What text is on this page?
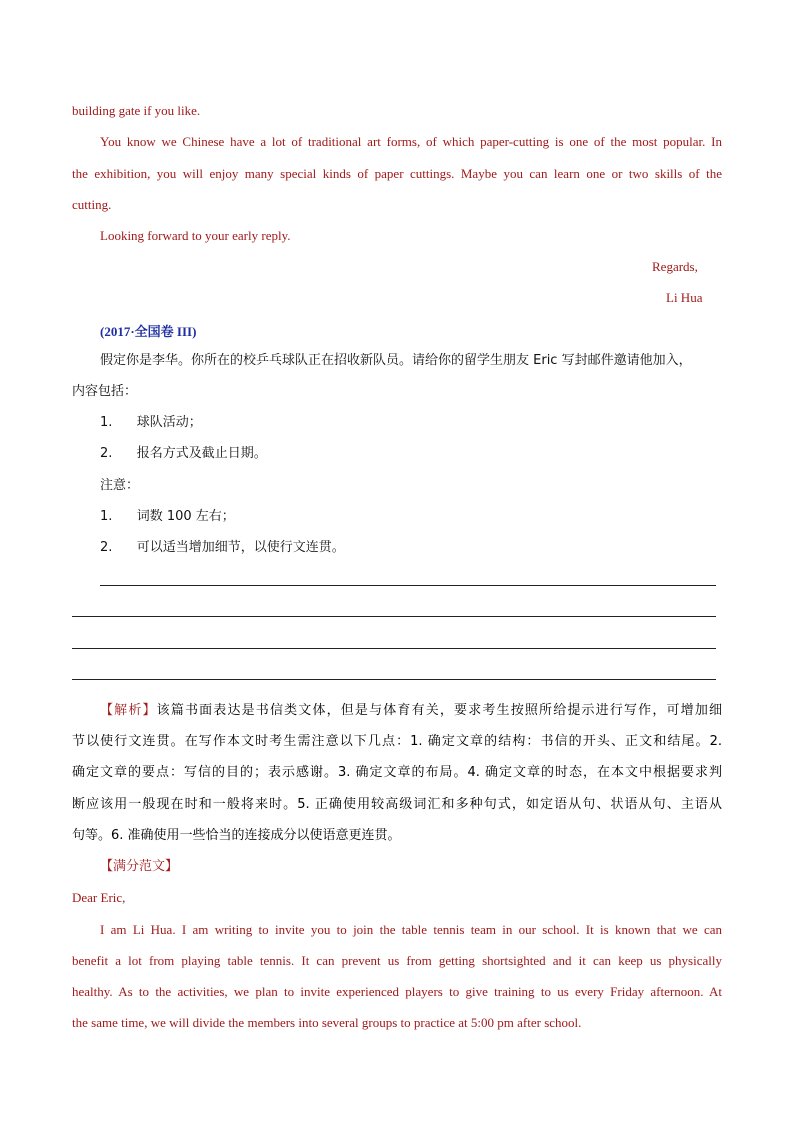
building gate if you like.
You know we Chinese have a lot of traditional art forms, of which paper-cutting is one of the most popular. In
the exhibition, you will enjoy many special kinds of paper cuttings. Maybe you can learn one or two skills of the
cutting.
Looking forward to your early reply.
Regards,
Li Hua
(2017·全国卷 III)
假定你是李华。你所在的校乒乓球队正在招收新队员。请给你的留学生朋友 Eric 写封邮件邀请他加入，
内容包括：
1. 球队活动；
2. 报名方式及截止日期。
注意：
1. 词数 100 左右；
2. 可以适当增加细节，以使行文连贯。
【解析】该篇书面表达是书信类文体，但是与体育有关，要求考生按照所给提示进行写作，可增加细
节以使行文连贯。在写作本文时考生需注意以下几点：1. 确定文章的结构：书信的开头、正文和结尾。2.
确定文章的要点：写信的目的；表示感谢。3. 确定文章的布局。4. 确定文章的时态，在本文中根据要求判
断应该用一般现在时和一般将来时。5. 正确使用较高级词汇和多种句式，如定语从句、状语从句、主语从
句等。6. 准确使用一些恰当的连接成分以使语意更连贯。
【满分范文】
Dear Eric,
I am Li Hua. I am writing to invite you to join the table tennis team in our school. It is known that we can
benefit a lot from playing table tennis. It can prevent us from getting shortsighted and it can keep us physically
healthy. As to the activities, we plan to invite experienced players to give training to us every Friday afternoon. At
the same time, we will divide the members into several groups to practice at 5:00 pm after school.
